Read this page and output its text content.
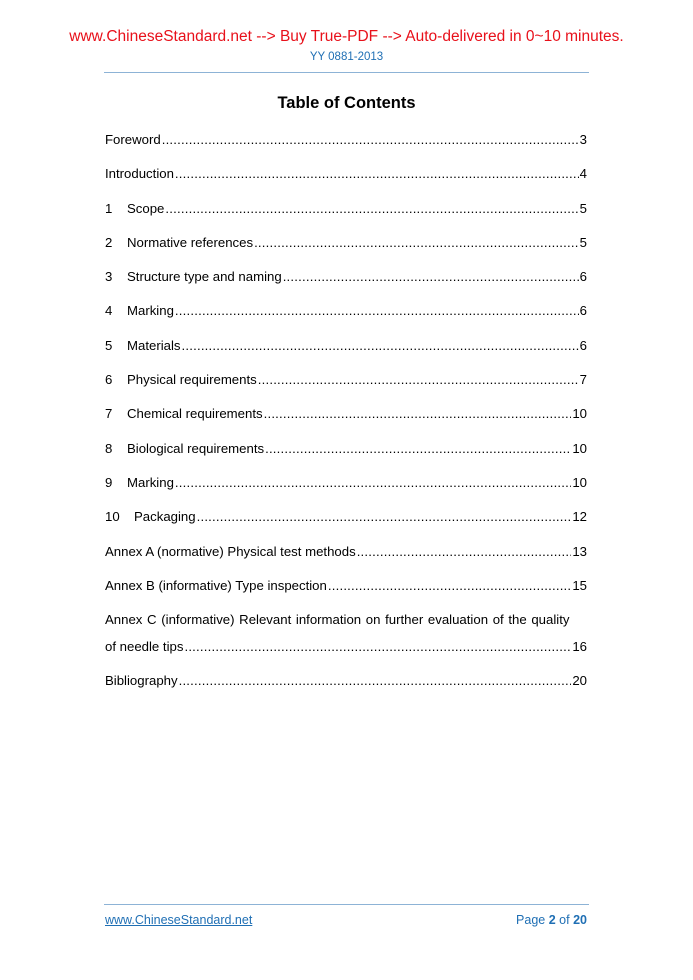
www.ChineseStandard.net --> Buy True-PDF --> Auto-delivered in 0~10 minutes.
YY 0881-2013
Table of Contents
Foreword .....	3
Introduction .....	4
1	Scope .....	5
2	Normative references .....	5
3	Structure type and naming .....	6
4	Marking .....	6
5	Materials .....	6
6	Physical requirements .....	7
7	Chemical requirements .....	10
8	Biological requirements .....	10
9	Marking .....	10
10	Packaging .....	12
Annex A (normative) Physical test methods .....	13
Annex B (informative) Type inspection .....	15
Annex C (informative) Relevant information on further evaluation of the quality
of needle tips .....	16
Bibliography .....	20
www.ChineseStandard.net	Page 2 of 20
